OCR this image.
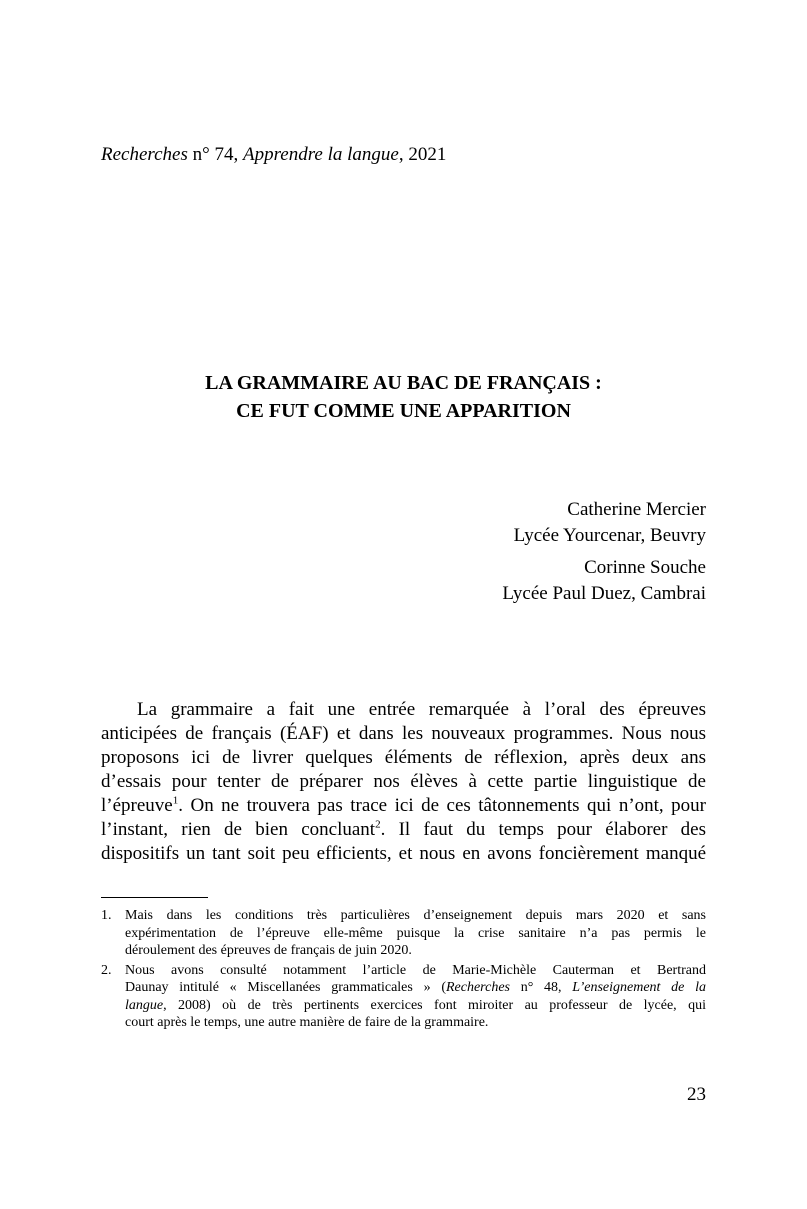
Recherches n° 74, Apprendre la langue, 2021
LA GRAMMAIRE AU BAC DE FRANÇAIS :
CE FUT COMME UNE APPARITION
Catherine Mercier
Lycée Yourcenar, Beuvry
Corinne Souche
Lycée Paul Duez, Cambrai
La grammaire a fait une entrée remarquée à l’oral des épreuves
anticipées de français (ÉAF) et dans les nouveaux programmes. Nous nous
proposons ici de livrer quelques éléments de réflexion, après deux ans
d’essais pour tenter de préparer nos élèves à cette partie linguistique de
l’épreuve$^1$. On ne trouvera pas trace ici de ces tâtonnements qui n’ont, pour
l’instant, rien de bien concluant$^2$. Il faut du temps pour élaborer des
dispositifs un tant soit peu efficients, et nous en avons foncièrement manqué
1. Mais dans les conditions très particulières d’enseignement depuis mars 2020 et sans
expérimentation de l’épreuve elle-même puisque la crise sanitaire n’a pas permis le
déroulement des épreuves de français de juin 2020.
2. Nous avons consulté notamment l’article de Marie-Michèle Cauterman et Bertrand
Daunay intitulé « Miscellanées grammaticales » (Recherches n° 48, L’enseignement de la
langue, 2008) où de très pertinents exercices font miroiter au professeur de lycée, qui
court après le temps, une autre manière de faire de la grammaire.
23
